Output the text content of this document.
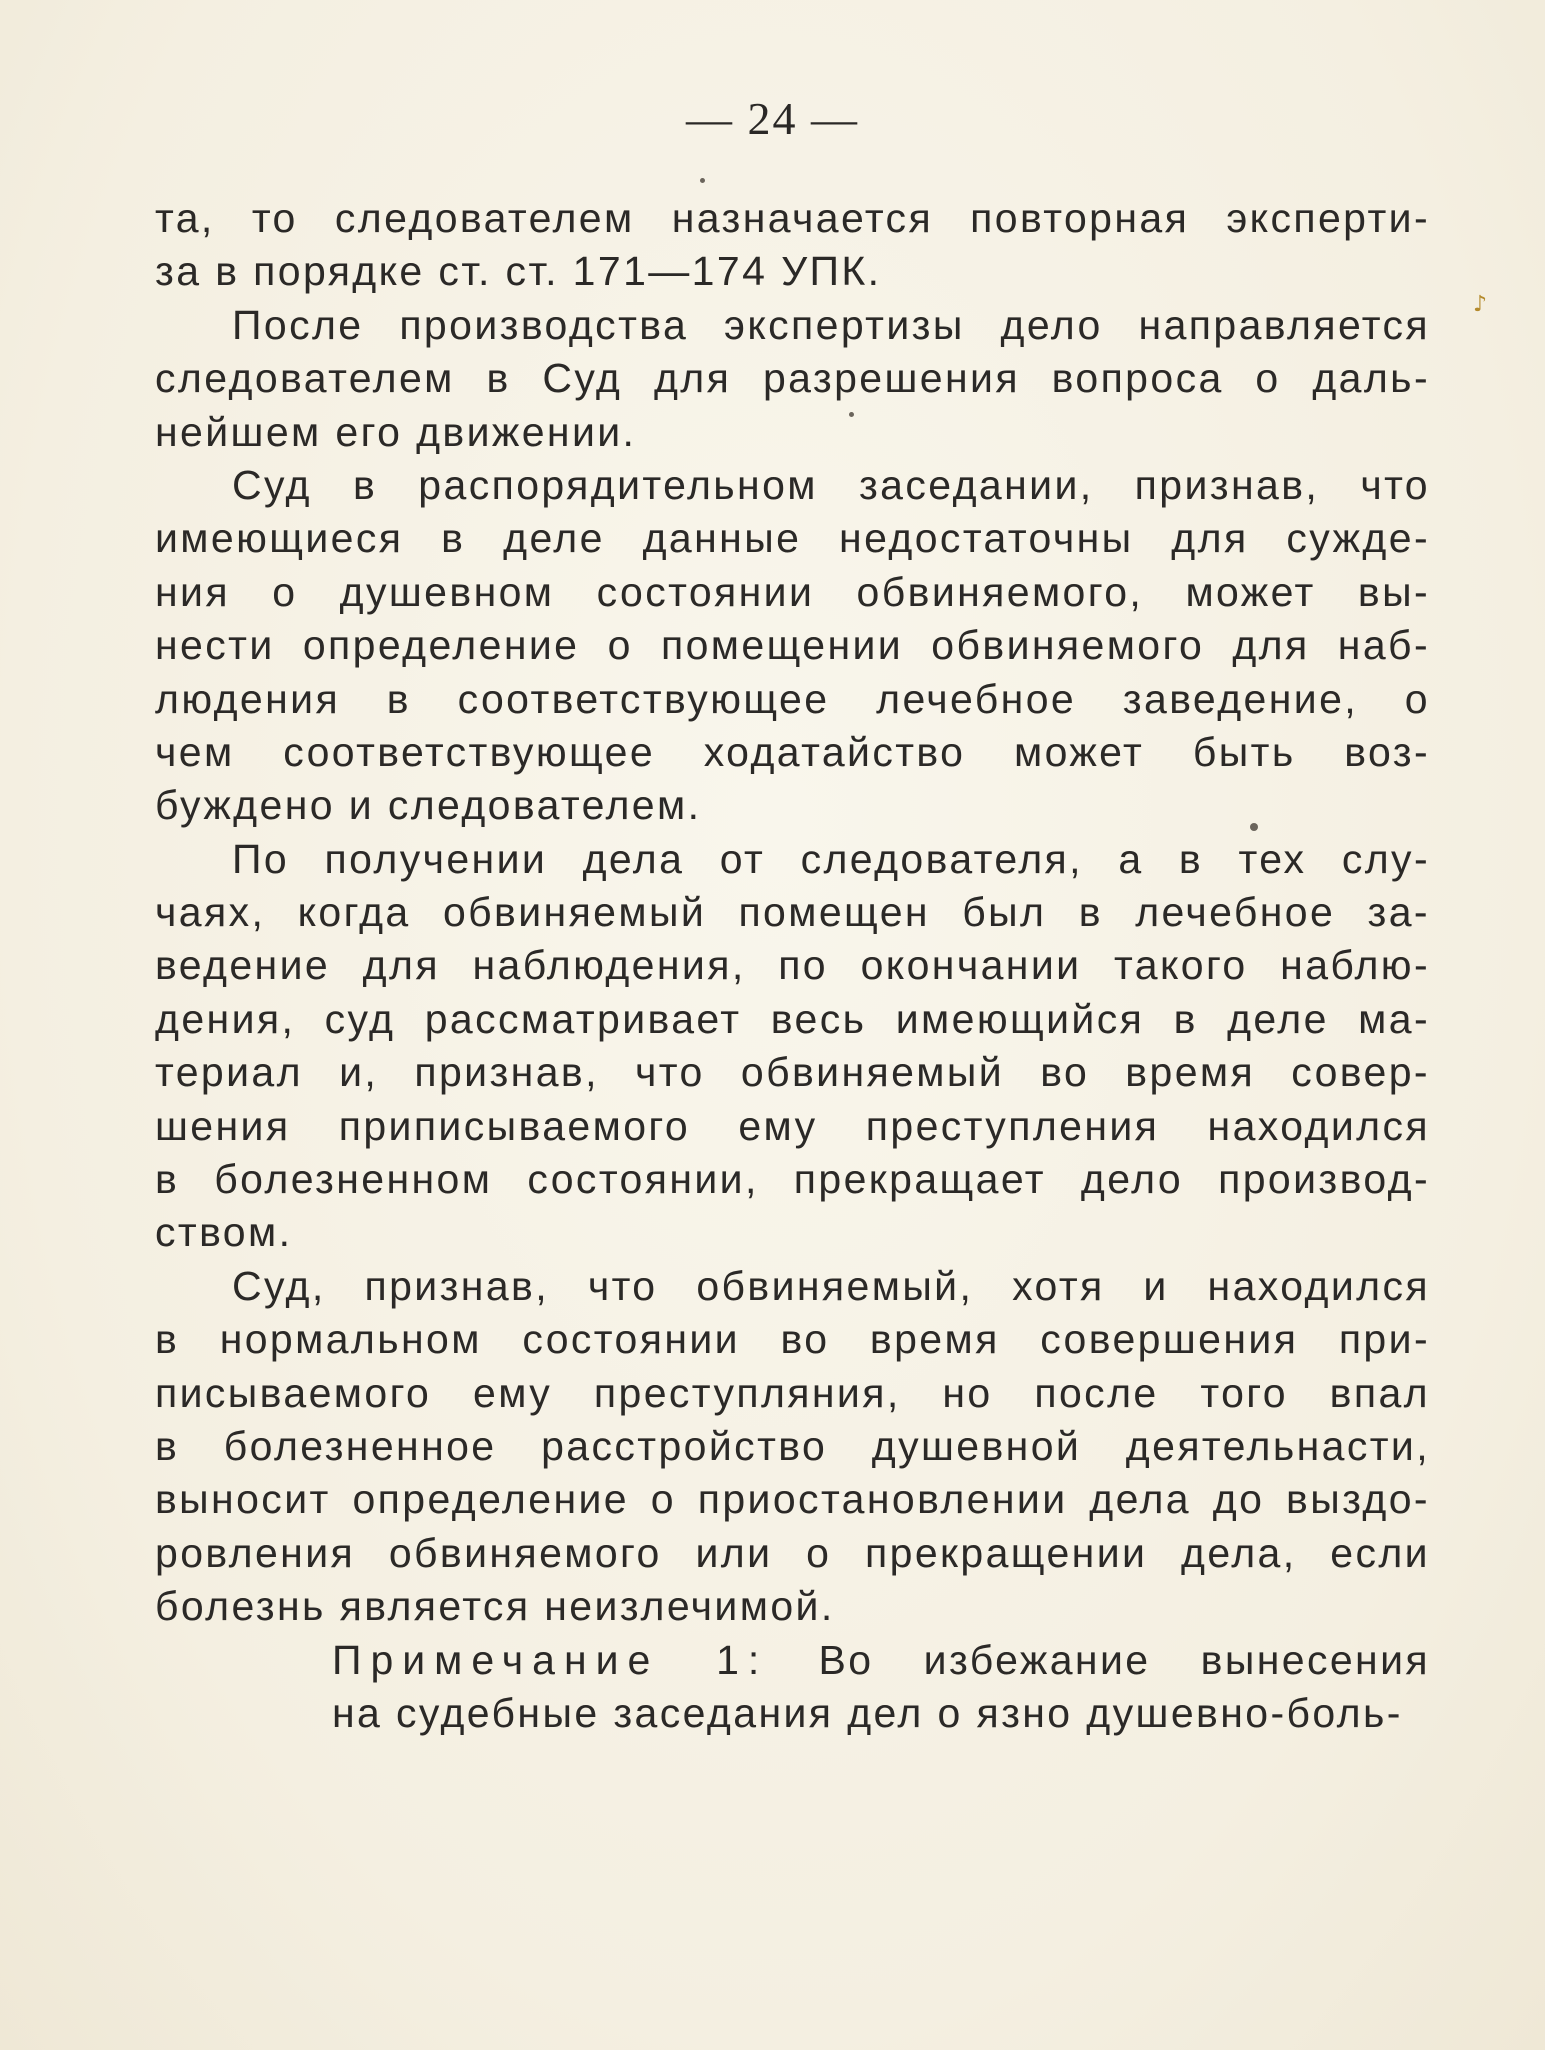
— 24 —
♪
та, то следователем назначается повторная эксперти-
за в порядке ст. ст. 171—174 УПК.
После производства экспертизы дело направляется
следователем в Суд для разрешения вопроса о даль-
нейшем его движении.
Суд в распорядительном заседании, признав, что
имеющиеся в деле данные недостаточны для сужде-
ния о душевном состоянии обвиняемого, может вы-
нести определение о помещении обвиняемого для наб-
людения в соответствующее лечебное заведение, о
чем соответствующее ходатайство может быть воз-
буждено и следователем.
По получении дела от следователя, а в тех слу-
чаях, когда обвиняемый помещен был в лечебное за-
ведение для наблюдения, по окончании такого наблю-
дения, суд рассматривает весь имеющийся в деле ма-
териал и, признав, что обвиняемый во время совер-
шения приписываемого ему преступления находился
в болезненном состоянии, прекращает дело производ-
ством.
Суд, признав, что обвиняемый, хотя и находился
в нормальном состоянии во время совершения при-
писываемого ему преступляния, но после того впал
в болезненное расстройство душевной деятельнасти,
выносит определение о приостановлении дела до выздо-
ровления обвиняемого или о прекращении дела, если
болезнь является неизлечимой.
Примечание 1: Во избежание вынесения
на судебные заседания дел о язно душевно-боль-
